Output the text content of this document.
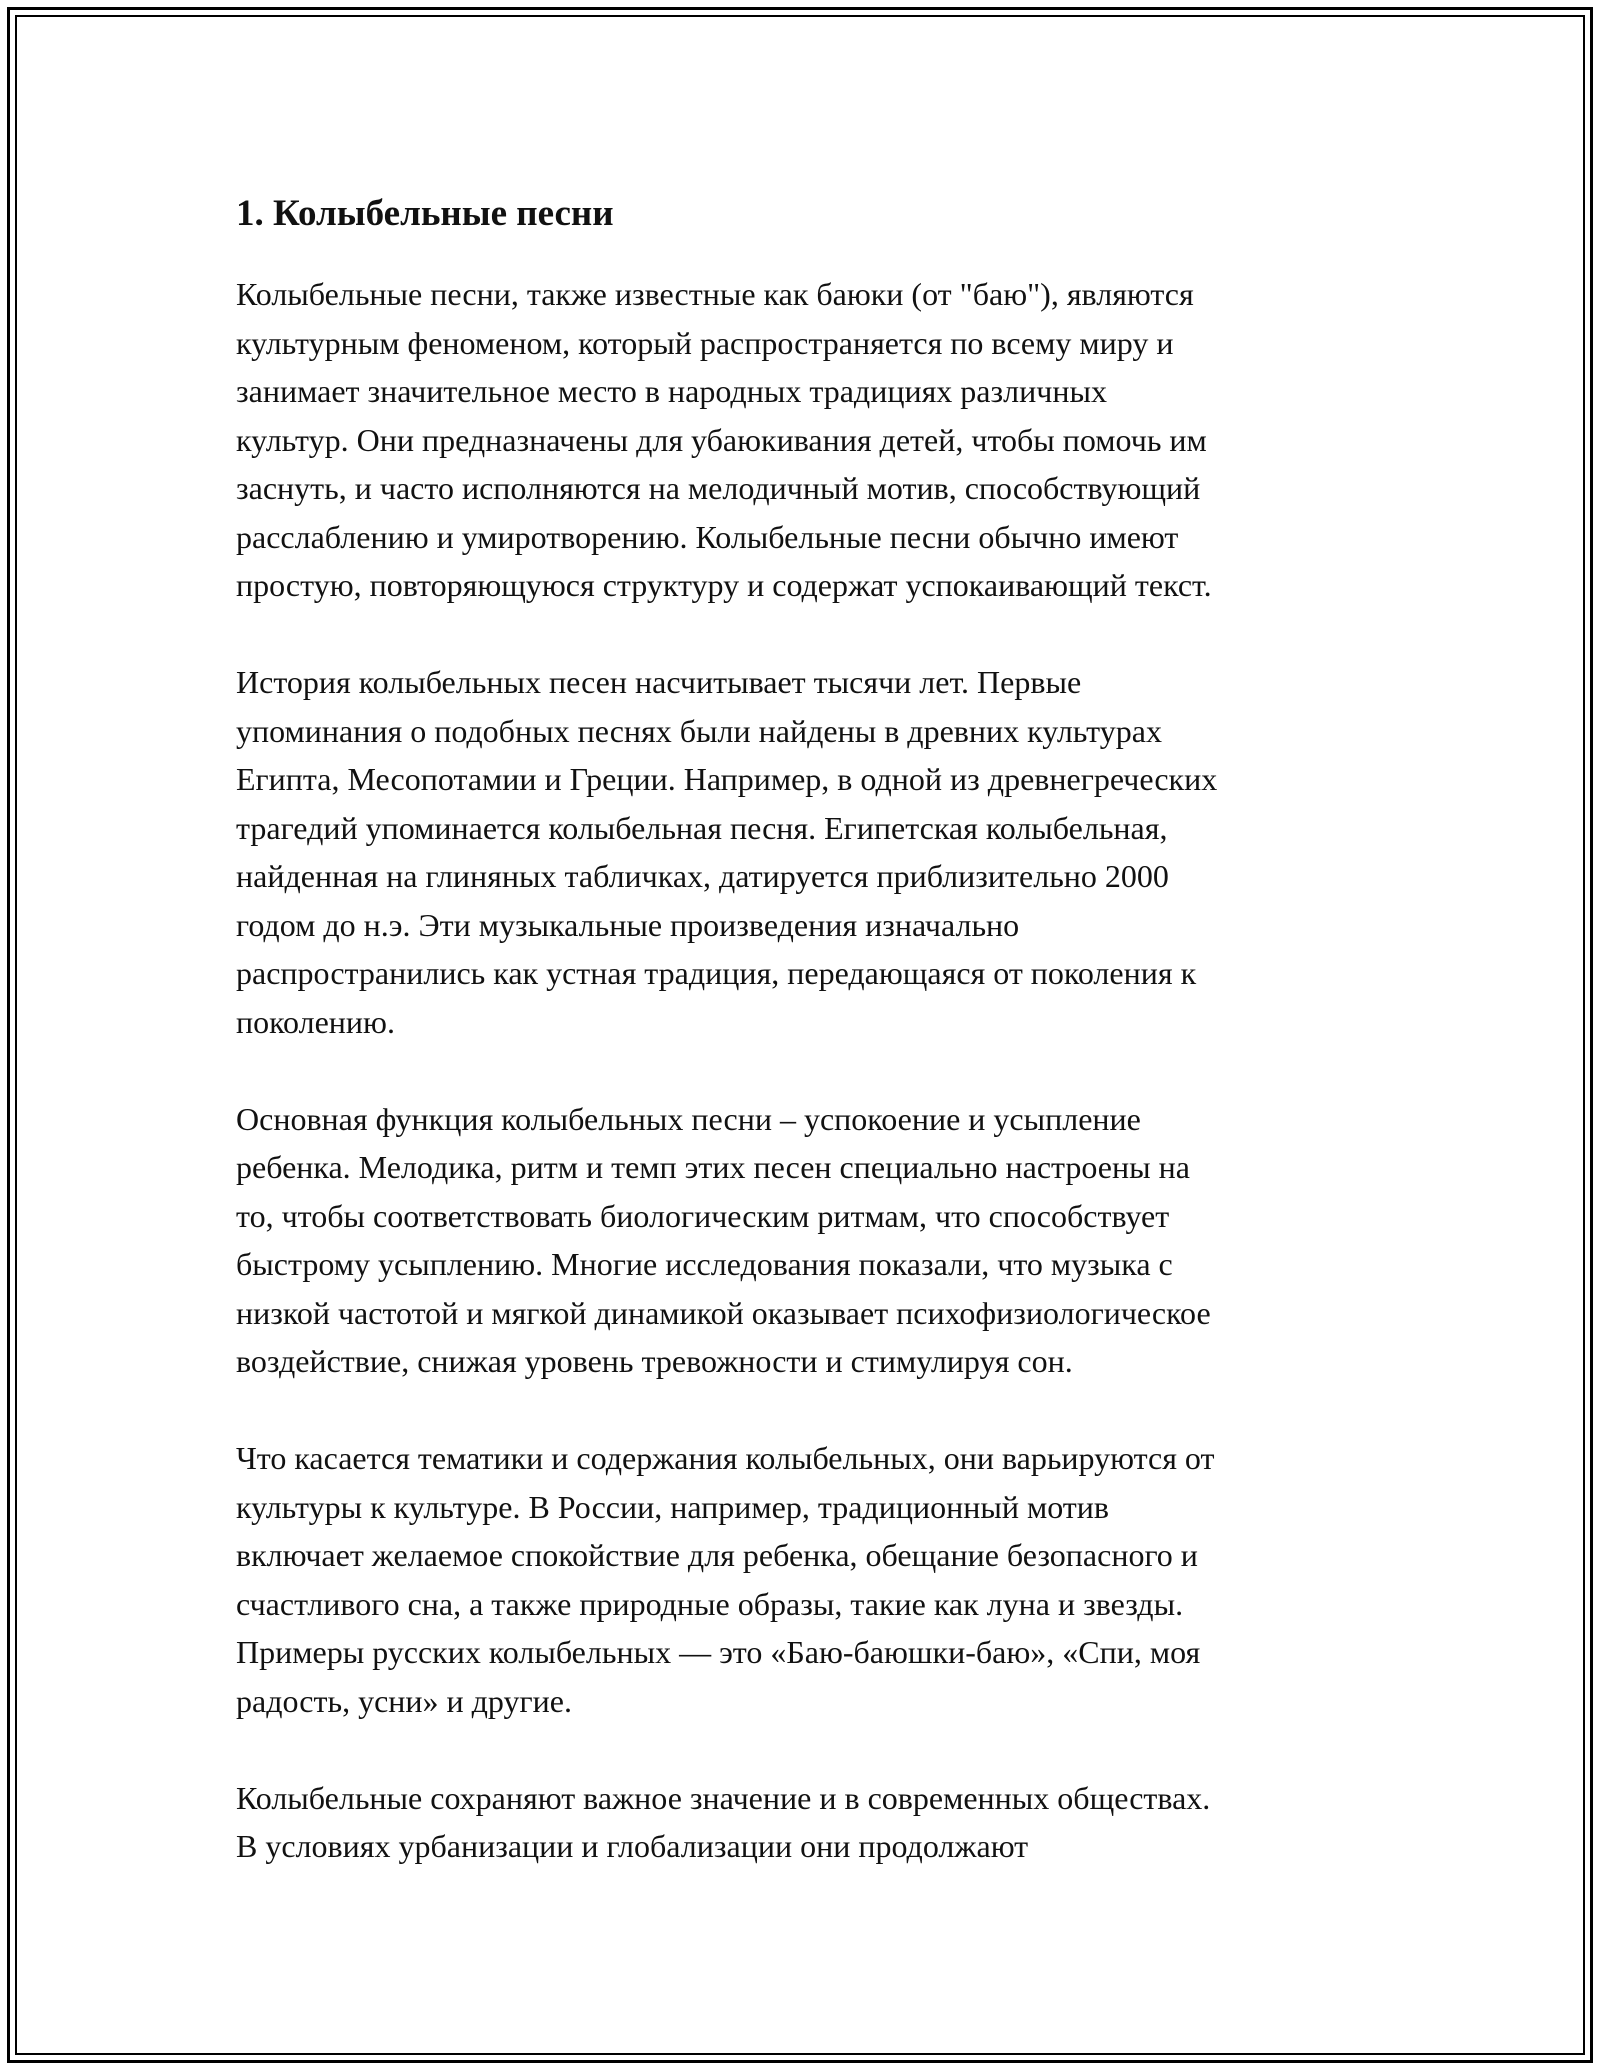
1. Колыбельные песни

Колыбельные песни, также известные как баюки (от "баю"), являются
культурным феноменом, который распространяется по всему миру и
занимает значительное место в народных традициях различных
культур. Они предназначены для убаюкивания детей, чтобы помочь им
заснуть, и часто исполняются на мелодичный мотив, способствующий
расслаблению и умиротворению. Колыбельные песни обычно имеют
простую, повторяющуюся структуру и содержат успокаивающий текст.

История колыбельных песен насчитывает тысячи лет. Первые
упоминания о подобных песнях были найдены в древних культурах
Египта, Месопотамии и Греции. Например, в одной из древнегреческих
трагедий упоминается колыбельная песня. Египетская колыбельная,
найденная на глиняных табличках, датируется приблизительно 2000
годом до н.э. Эти музыкальные произведения изначально
распространились как устная традиция, передающаяся от поколения к
поколению.

Основная функция колыбельных песни – успокоение и усыпление
ребенка. Мелодика, ритм и темп этих песен специально настроены на
то, чтобы соответствовать биологическим ритмам, что способствует
быстрому усыплению. Многие исследования показали, что музыка с
низкой частотой и мягкой динамикой оказывает психофизиологическое
воздействие, снижая уровень тревожности и стимулируя сон.

Что касается тематики и содержания колыбельных, они варьируются от
культуры к культуре. В России, например, традиционный мотив
включает желаемое спокойствие для ребенка, обещание безопасного и
счастливого сна, а также природные образы, такие как луна и звезды.
Примеры русских колыбельных — это «Баю-баюшки-баю», «Спи, моя
радость, усни» и другие.

Колыбельные сохраняют важное значение и в современных обществах.
В условиях урбанизации и глобализации они продолжают
